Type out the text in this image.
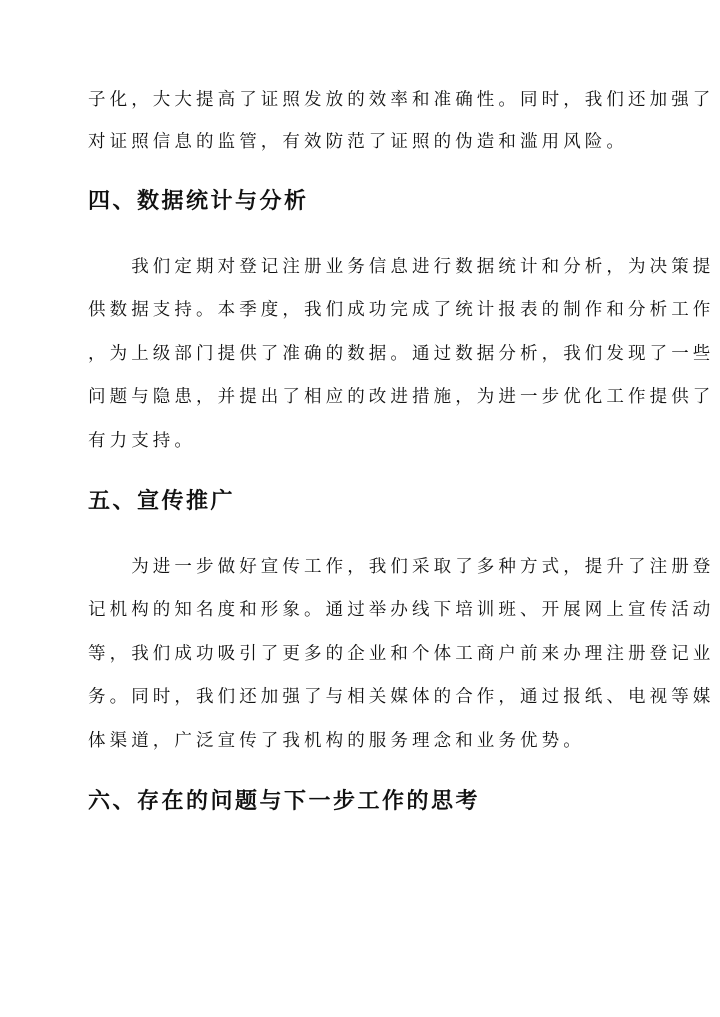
子化，大大提高了证照发放的效率和准确性。同时，我们还加强了
对证照信息的监管，有效防范了证照的伪造和滥用风险。
四、数据统计与分析
　　我们定期对登记注册业务信息进行数据统计和分析，为决策提
供数据支持。本季度，我们成功完成了统计报表的制作和分析工作
，为上级部门提供了准确的数据。通过数据分析，我们发现了一些
问题与隐患，并提出了相应的改进措施，为进一步优化工作提供了
有力支持。
五、宣传推广
　　为进一步做好宣传工作，我们采取了多种方式，提升了注册登
记机构的知名度和形象。通过举办线下培训班、开展网上宣传活动
等，我们成功吸引了更多的企业和个体工商户前来办理注册登记业
务。同时，我们还加强了与相关媒体的合作，通过报纸、电视等媒
体渠道，广泛宣传了我机构的服务理念和业务优势。
六、存在的问题与下一步工作的思考
